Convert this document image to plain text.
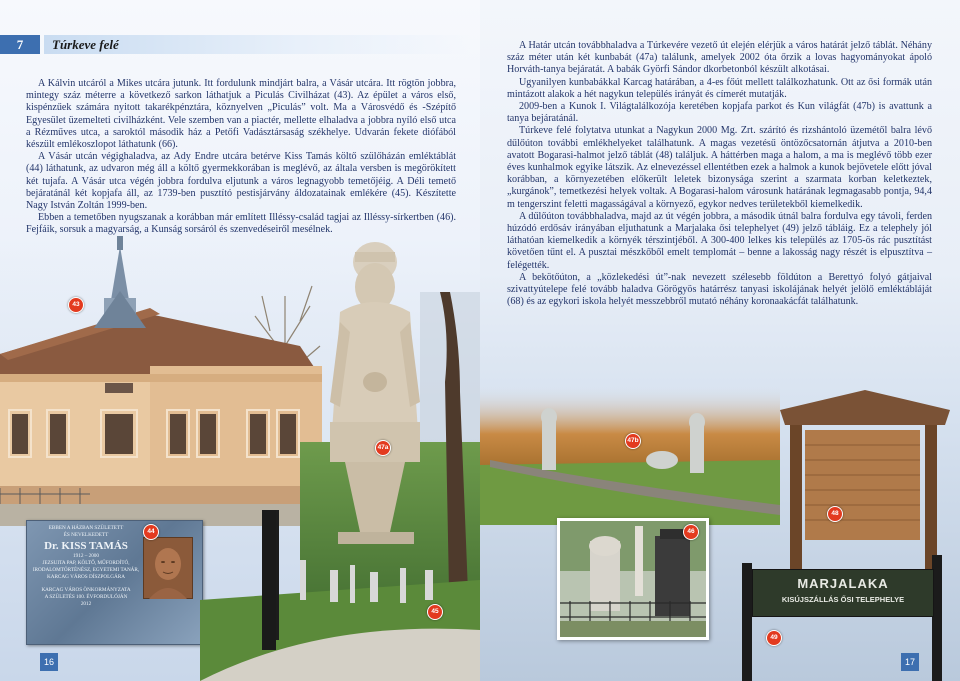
7	Túrkeve felé

A Kálvin utcáról a Mikes utcára jutunk. Itt fordulunk mindjárt balra, a Vásár utcára. Itt rögtön jobbra, mintegy száz méterre a következő sarkon láthatjuk a Piculás Civilházat (43). Az épület a város első, kispénzűek számára nyitott takarékpénztára, köznyelven „Piculás” volt. Ma a Városvédő és -Szépítő Egyesület üzemelteti civilházként. Vele szemben van a piactér, mellette elhaladva a jobbra nyíló első utca a Rézműves utca, a saroktól második ház a Petőfi Vadásztársaság székhelye. Udvarán fekete diófából készült emlékoszlopot láthatunk (66).

A Vásár utcán végighaladva, az Ady Endre utcára betérve Kiss Tamás költő szülőházán emléktáblát (44) láthatunk, az udvaron még áll a költő gyermekkorában is meglévő, az általa versben is megörökített két tujafa. A Vásár utca végén jobbra fordulva eljutunk a város legnagyobb temetőjéig. A Déli temető bejáratánál két kopjafa áll, az 1739-ben pusztító pestisjárvány áldozatainak emlékére (45). Készítette Nagy István Zoltán 1999-ben.

Ebben a temetőben nyugszanak a korábban már említett Illéssy-család tagjai az Illéssy-sírkertben (46). Fejfáik, sorsuk a magyarság, a Kunság sorsáról és szenvedéseiről mesélnek.

EBBEN A HÁZBAN SZÜLETETT
ÉS NEVELKEDETT
Dr. KISS TAMÁS
1912 – 2000
JEZSUITA PAP, KÖLTŐ, MŰFORDÍTÓ,
IRODALOMTÖRTÉNÉSZ, EGYETEMI TANÁR,
KARCAG VÁROS DÍSZPOLGÁRA
KARCAG VÁROS ÖNKORMÁNYZATA
A SZÜLETÉS 100. ÉVFORDULÓJÁN
2012
43
44
47a
45
16

A Határ utcán továbbhaladva a Túrkevére vezető út elején elérjük a város határát jelző táblát. Néhány száz méter után két kunbabát (47a) találunk, amelyek 2002 óta őrzik a lovas hagyományokat ápoló Horváth-tanya bejáratát. A babák Györfi Sándor dkorbetonból készült alkotásai.

Ugyanilyen kunbabákkal Karcag határában, a 4-es főút mellett találkozhatunk. Ott az ősi formák után mintázott alakok a hét nagykun település irányát és címerét mutatják.

2009-ben a Kunok I. Világtalálkozója keretében kopjafa parkot és Kun világfát (47b) is avattunk a tanya bejáratánál.

Túrkeve felé folytatva utunkat a Nagykun 2000 Mg. Zrt. szárító és rizshántoló üzemétől balra lévő dűlőúton további emlékhelyeket találhatunk. A magas vezetésű öntözőcsatornán átjutva a 2010-ben avatott Bogarasi-halmot jelző táblát (48) találjuk. A háttérben maga a halom, a ma is meglévő több ezer éves kunhalmok egyike látszik. Az elnevezéssel ellentétben ezek a halmok a kunok bejövetele előtt jóval korábban, a környezetében előkerült leletek bizonysága szerint a szarmata korban keletkeztek, „kurgánok”, temetkezési helyek voltak. A Bogarasi-halom városunk határának legmagasabb pontja, 94,4 m tengerszint feletti magasságával a környező, egykor nedves területekből kiemelkedik.

A dűlőúton továbbhaladva, majd az út végén jobbra, a második útnál balra fordulva egy távoli, ferden húzódó erdősáv irányában eljuthatunk a Marjalaka ősi telephelyet (49) jelző tábláig. Ez a telephely jól láthatóan kiemelkedik a környék térszintjéből. A 300-400 lelkes kis település az 1705-ös rác pusztítást követően tűnt el. A pusztai mészkőből emelt templomát – benne a lakosság nagy részét is elpusztítva – felégették.

A bekötőúton, a „közlekedési út”-nak nevezett szélesebb földúton a Berettyó folyó gátjaival szivattyútelepe felé tovább haladva Görögyös határrész tanyasi iskolájának helyét jelölő emléktábláját (68) és az egykori iskola helyét messzebbről mutató néhány koronaakácfát találhatunk.

MARJALAKA
KISÚJSZÁLLÁS ŐSI TELEPHELYE
47b
46
48
49
17
